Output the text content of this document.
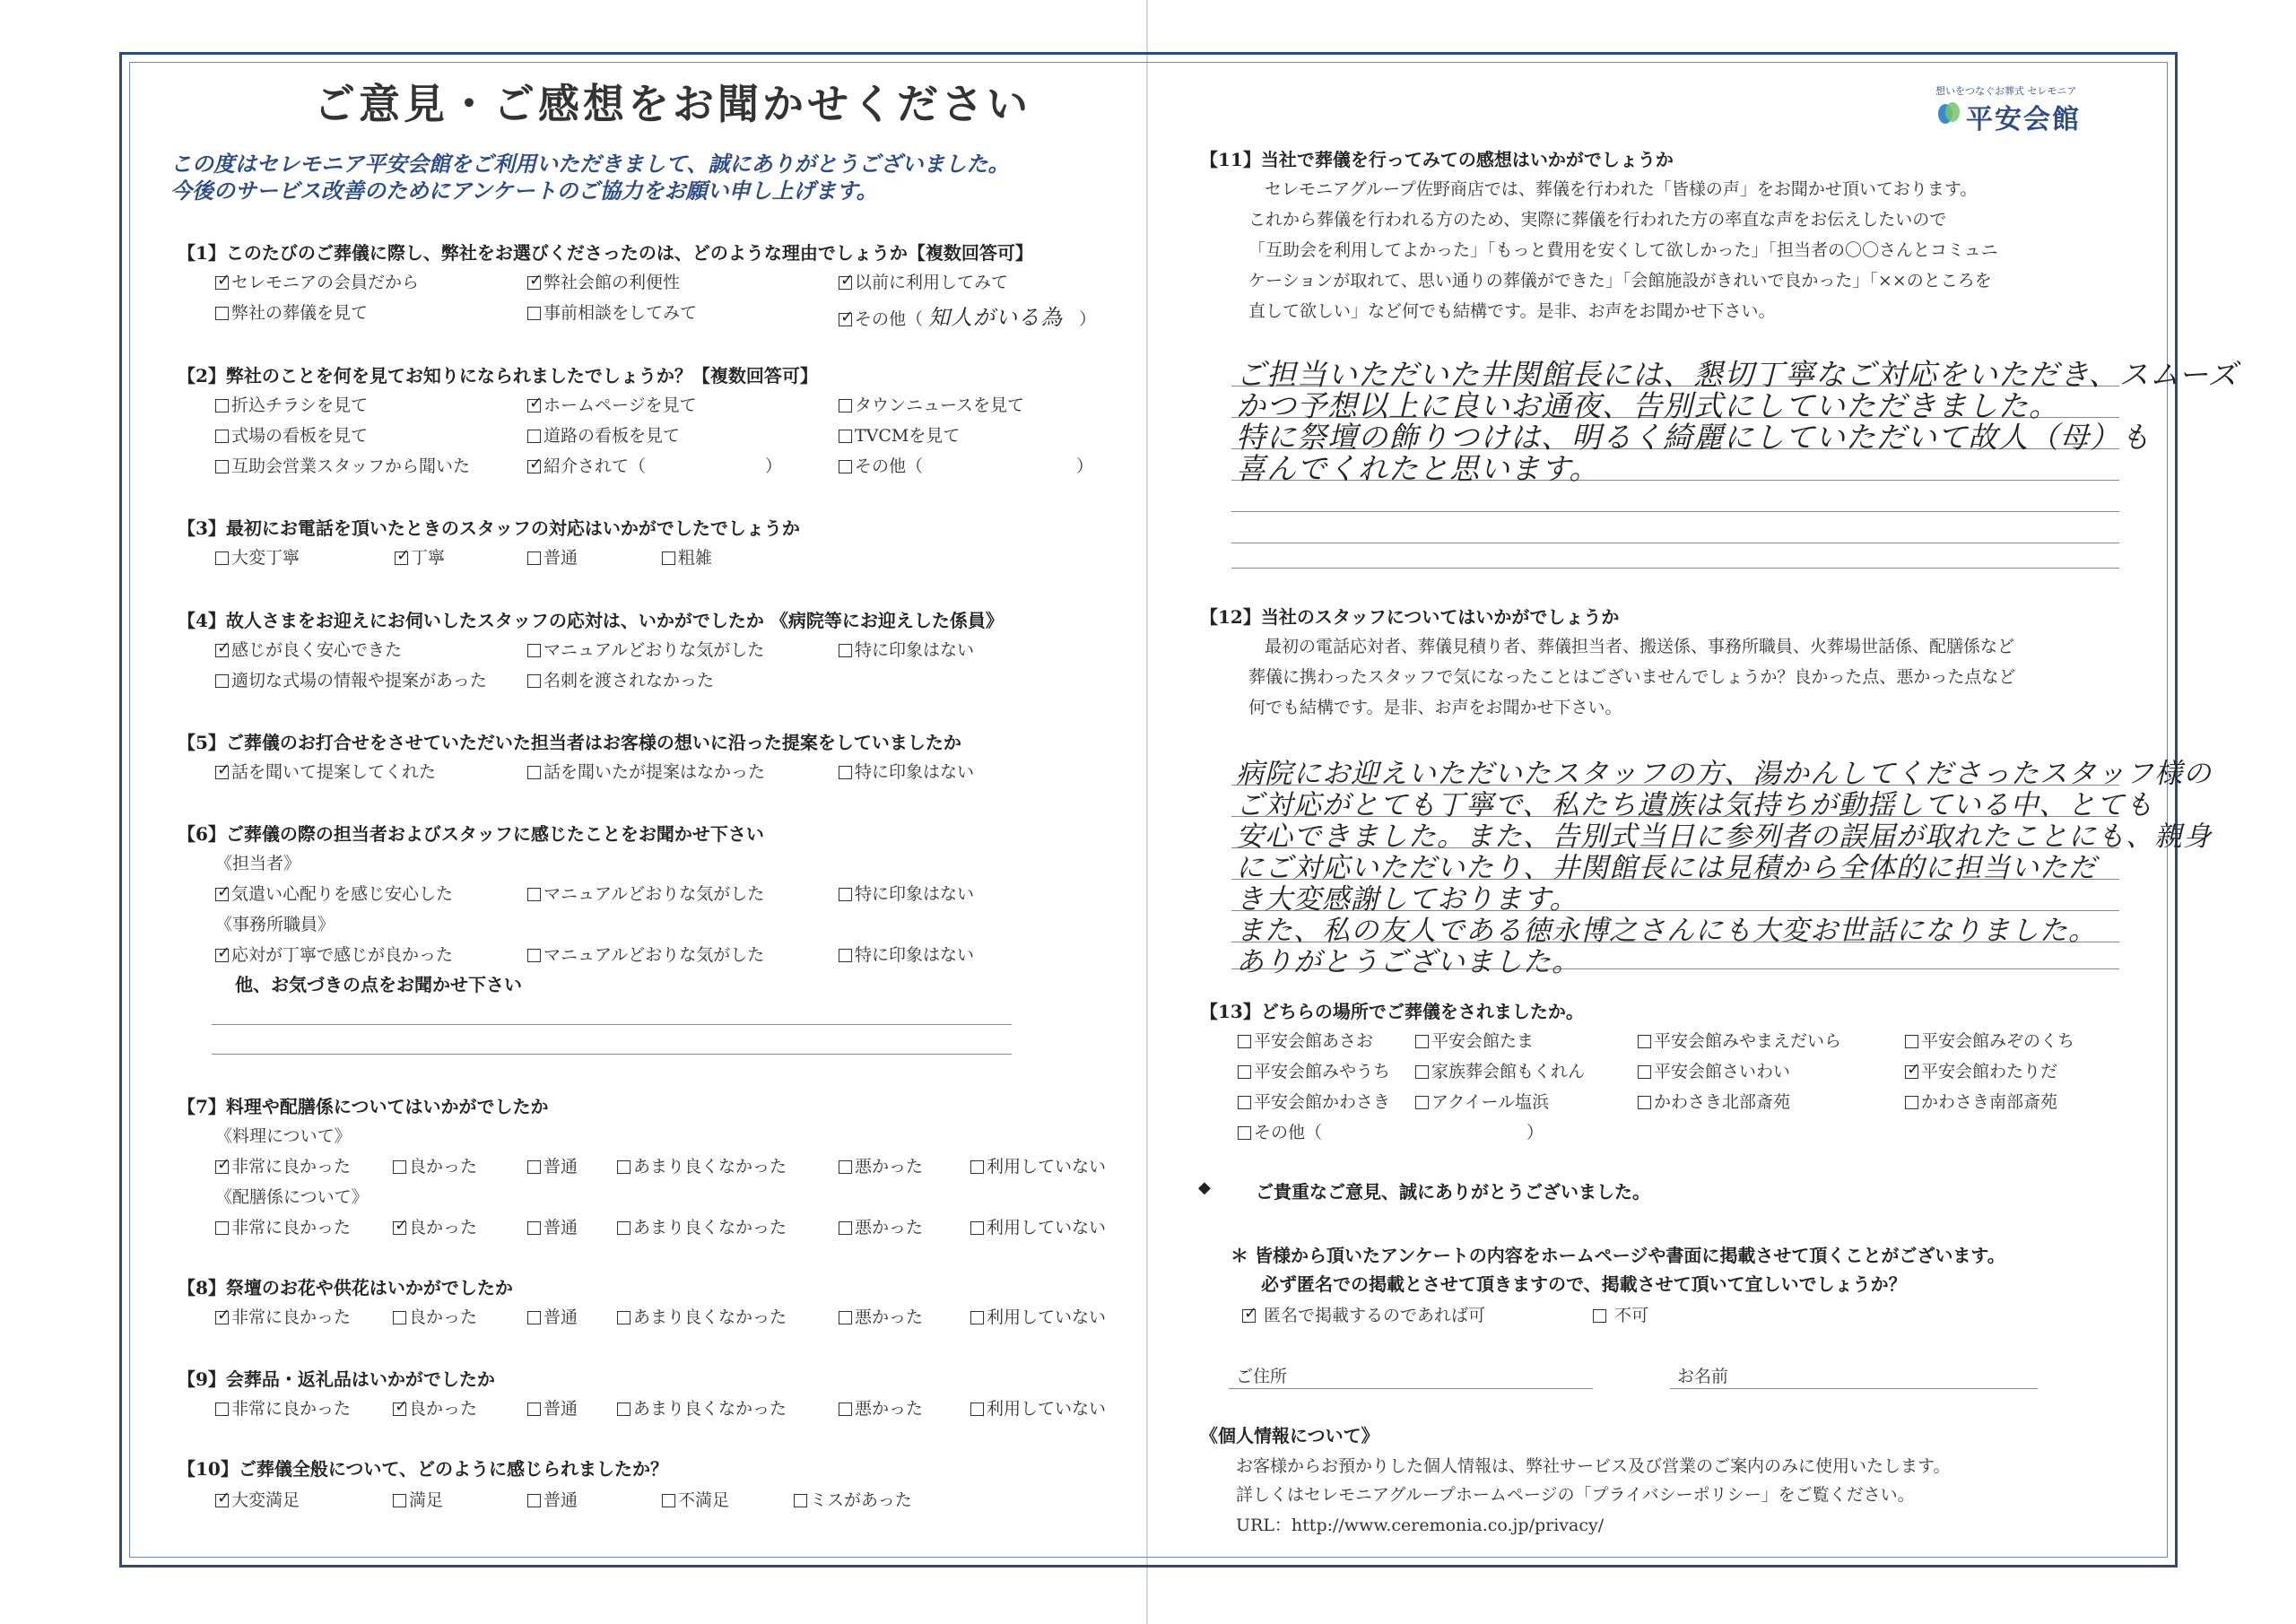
ご意見・ご感想をお聞かせください
この度はセレモニア平安会館をご利用いただきまして、誠にありがとうございました。
今後のサービス改善のためにアンケートのご協力をお願い申し上げます。
【1】このたびのご葬儀に際し、弊社をお選びくださったのは、どのような理由でしょうか【複数回答可】
✓セレモニアの会員だから ✓	弊社会館の利便性 ✓	以前に利用してみて
弊社の葬儀を見て	事前相談をしてみて ✓	その他（ 知人がいる為 ）
【2】弊社のことを何を見てお知りになられましたでしょうか？【複数回答可】
折込チラシを見て ✓	ホームページを見て	タウンニュースを見て
式場の看板を見て	道路の看板を見て	TVCMを見て
互助会営業スタッフから聞いた ✓	紹介されて（　　　　　　　）	その他（　　　　　　　　　）
【3】最初にお電話を頂いたときのスタッフの対応はいかがでしたでしょうか
大変丁寧 ✓	丁寧	普通	粗雑
【4】故人さまをお迎えにお伺いしたスタッフの応対は、いかがでしたか 《病院等にお迎えした係員》
✓感じが良く安心できた	マニュアルどおりな気がした	特に印象はない
適切な式場の情報や提案があった	名刺を渡されなかった
【5】ご葬儀のお打合せをさせていただいた担当者はお客様の想いに沿った提案をしていましたか
✓話を聞いて提案してくれた	話を聞いたが提案はなかった	特に印象はない
【6】ご葬儀の際の担当者およびスタッフに感じたことをお聞かせ下さい
《担当者》
✓気遣い心配りを感じ安心した	マニュアルどおりな気がした	特に印象はない
《事務所職員》
✓応対が丁寧で感じが良かった	マニュアルどおりな気がした	特に印象はない
他、お気づきの点をお聞かせ下さい
【7】料理や配膳係についてはいかがでしたか
《料理について》
✓非常に良かった	良かった	普通	あまり良くなかった	悪かった	利用していない
《配膳係について》
非常に良かった ✓	良かった	普通	あまり良くなかった	悪かった	利用していない
【8】祭壇のお花や供花はいかがでしたか
✓非常に良かった	良かった	普通	あまり良くなかった	悪かった	利用していない
【9】会葬品・返礼品はいかがでしたか
非常に良かった ✓	良かった	普通	あまり良くなかった	悪かった	利用していない
【10】ご葬儀全般について、どのように感じられましたか？
✓大変満足	満足	普通	不満足	ミスがあった
想いをつなぐお葬式 セレモニア
平安会館
【11】当社で葬儀を行ってみての感想はいかがでしょうか
セレモニアグループ佐野商店では、葬儀を行われた「皆様の声」をお聞かせ頂いております。
これから葬儀を行われる方のため、実際に葬儀を行われた方の率直な声をお伝えしたいので
「互助会を利用してよかった」「もっと費用を安くして欲しかった」「担当者の〇〇さんとコミュニ
ケーションが取れて、思い通りの葬儀ができた」「会館施設がきれいで良かった」「××のところを
直して欲しい」など何でも結構です。是非、お声をお聞かせ下さい。
ご担当いただいた井関館長には、懇切丁寧なご対応をいただき、スムーズ
かつ予想以上に良いお通夜、告別式にしていただきました。
特に祭壇の飾りつけは、明るく綺麗にしていただいて故人（母）も
喜んでくれたと思います。
【12】当社のスタッフについてはいかがでしょうか
最初の電話応対者、葬儀見積り者、葬儀担当者、搬送係、事務所職員、火葬場世話係、配膳係など
葬儀に携わったスタッフで気になったことはございませんでしょうか？良かった点、悪かった点など
何でも結構です。是非、お声をお聞かせ下さい。
病院にお迎えいただいたスタッフの方、湯かんしてくださったスタッフ様の
ご対応がとても丁寧で、私たち遺族は気持ちが動揺している中、とても
安心できました。また、告別式当日に参列者の誤届が取れたことにも、親身
にご対応いただいたり、井関館長には見積から全体的に担当いただ
き大変感謝しております。
また、私の友人である徳永博之さんにも大変お世話になりました。
ありがとうございました。
【13】どちらの場所でご葬儀をされましたか。
平安会館あさお	平安会館たま	平安会館みやまえだいら	平安会館みぞのくち
平安会館みやうち	家族葬会館もくれん	平安会館さいわい ✓	平安会館わたりだ
平安会館かわさき	アクイール塩浜	かわさき北部斎苑	かわさき南部斎苑
その他（　　　　　　　　　　　　）
◆	ご貴重なご意見、誠にありがとうございました。
＊ 皆様から頂いたアンケートの内容をホームページや書面に掲載させて頂くことがございます。
必ず匿名での掲載とさせて頂きますので、掲載させて頂いて宜しいでしょうか？
✓ 匿名で掲載するのであれば可	不可
ご住所	お名前
《個人情報について》
お客様からお預かりした個人情報は、弊社サービス及び営業のご案内のみに使用いたします。
詳しくはセレモニアグループホームページの「プライバシーポリシー」をご覧ください。
URL：http://www.ceremonia.co.jp/privacy/
